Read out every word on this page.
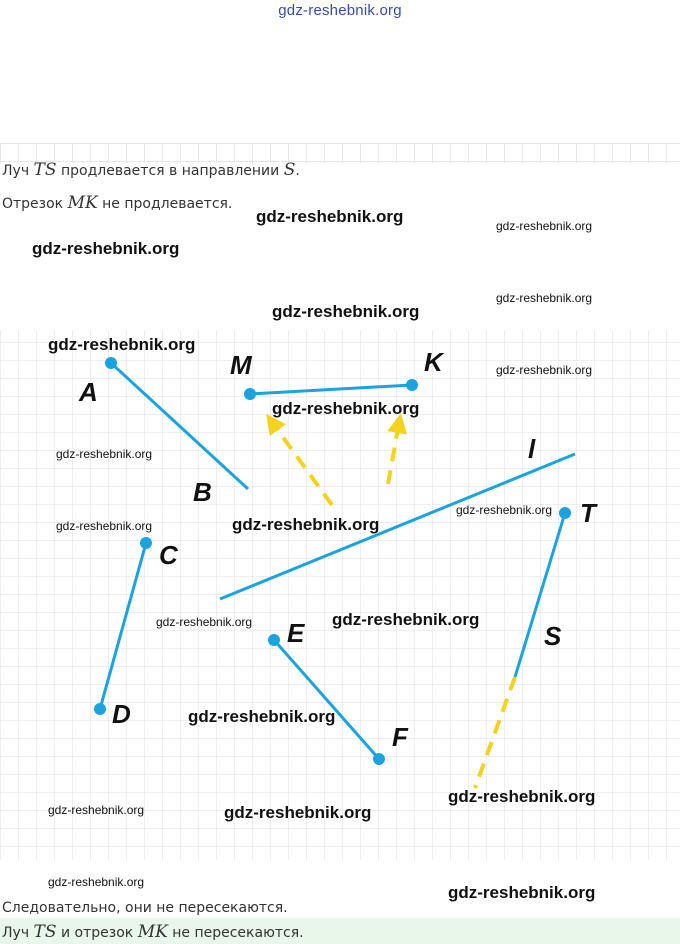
gdz-reshebnik.org
Луч TS продлевается в направлении S.
Отрезок MK не продлевается.
A
B
M	K
l
T
C
D
E
F
S
gdz-reshebnik.org	gdz-reshebnik.org
gdz-reshebnik.org
gdz-reshebnik.org
gdz-reshebnik.org
gdz-reshebnik.org
gdz-reshebnik.org
gdz-reshebnik.org
gdz-reshebnik.org
gdz-reshebnik.org
gdz-reshebnik.org
gdz-reshebnik.org
gdz-reshebnik.org	gdz-reshebnik.org
gdz-reshebnik.org
gdz-reshebnik.org
gdz-reshebnik.org	gdz-reshebnik.org
gdz-reshebnik.org
gdz-reshebnik.org
Следовательно, они не пересекаются.
Луч TS и отрезок MK не пересекаются.
